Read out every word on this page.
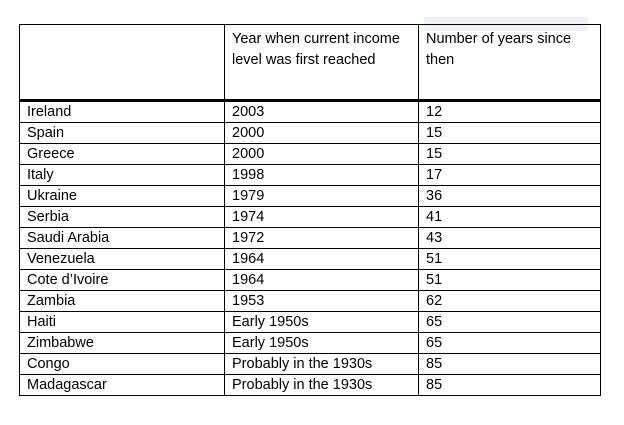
	Year when current income level was first reached	Number of years since then
Ireland	2003	12
Spain	2000	15
Greece	2000	15
Italy	1998	17
Ukraine	1979	36
Serbia	1974	41
Saudi Arabia	1972	43
Venezuela	1964	51
Cote d’Ivoire	1964	51
Zambia	1953	62
Haiti	Early 1950s	65
Zimbabwe	Early 1950s	65
Congo	Probably in the 1930s	85
Madagascar	Probably in the 1930s	85
